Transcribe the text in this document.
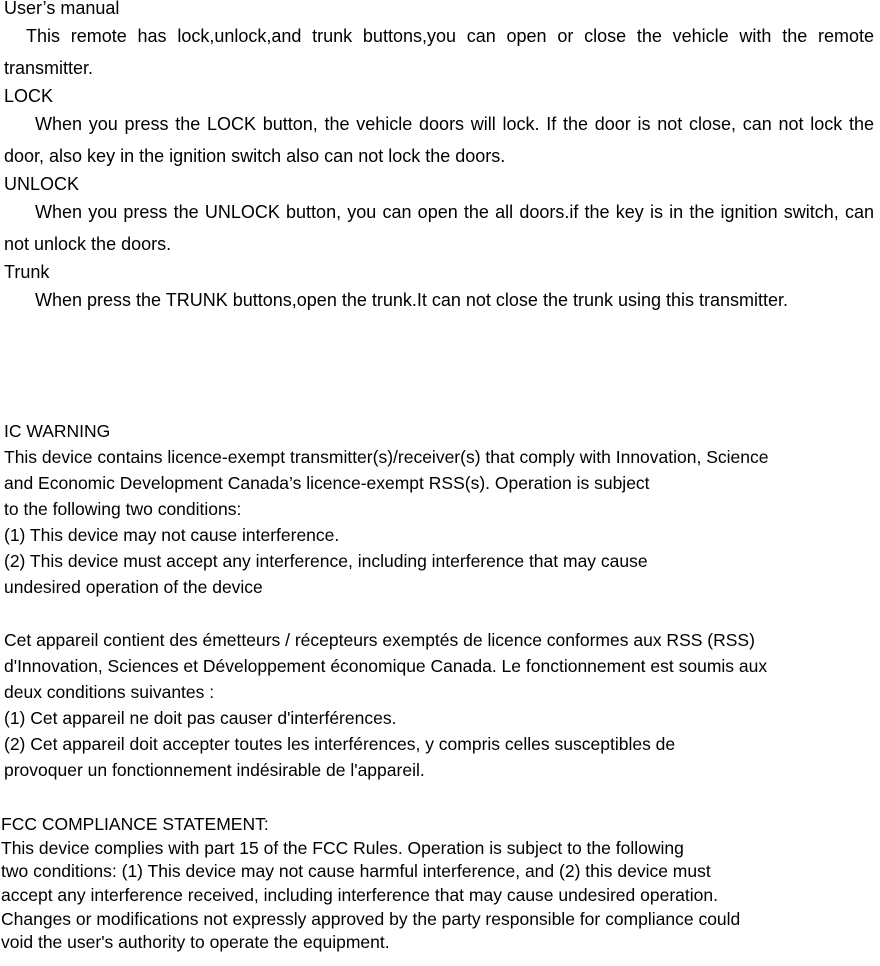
User’s manual

This remote has lock,unlock,and trunk buttons,you can open or close the vehicle with the remote transmitter.

LOCK

When you press the LOCK button, the vehicle doors will lock. If the door is not close, can not lock the door, also key in the ignition switch also can not lock the doors.

UNLOCK

When you press the UNLOCK button, you can open the all doors.if the key is in the ignition switch, can not unlock the doors.

Trunk

When press the TRUNK buttons,open the trunk.It can not close the trunk using this transmitter.

IC WARNING
This device contains licence-exempt transmitter(s)/receiver(s) that comply with Innovation, Science
and Economic Development Canada’s licence-exempt RSS(s). Operation is subject
to the following two conditions:
(1) This device may not cause interference.
(2) This device must accept any interference, including interference that may cause
undesired operation of the device
Cet appareil contient des émetteurs / récepteurs exemptés de licence conformes aux RSS (RSS)
d'Innovation, Sciences et Développement économique Canada. Le fonctionnement est soumis aux
deux conditions suivantes :
(1) Cet appareil ne doit pas causer d'interférences.
(2) Cet appareil doit accepter toutes les interférences, y compris celles susceptibles de
provoquer un fonctionnement indésirable de l'appareil.
FCC COMPLIANCE STATEMENT:
This device complies with part 15 of the FCC Rules. Operation is subject to the following
two conditions: (1) This device may not cause harmful interference, and (2) this device must
accept any interference received, including interference that may cause undesired operation.
Changes or modifications not expressly approved by the party responsible for compliance could
void the user's authority to operate the equipment.
